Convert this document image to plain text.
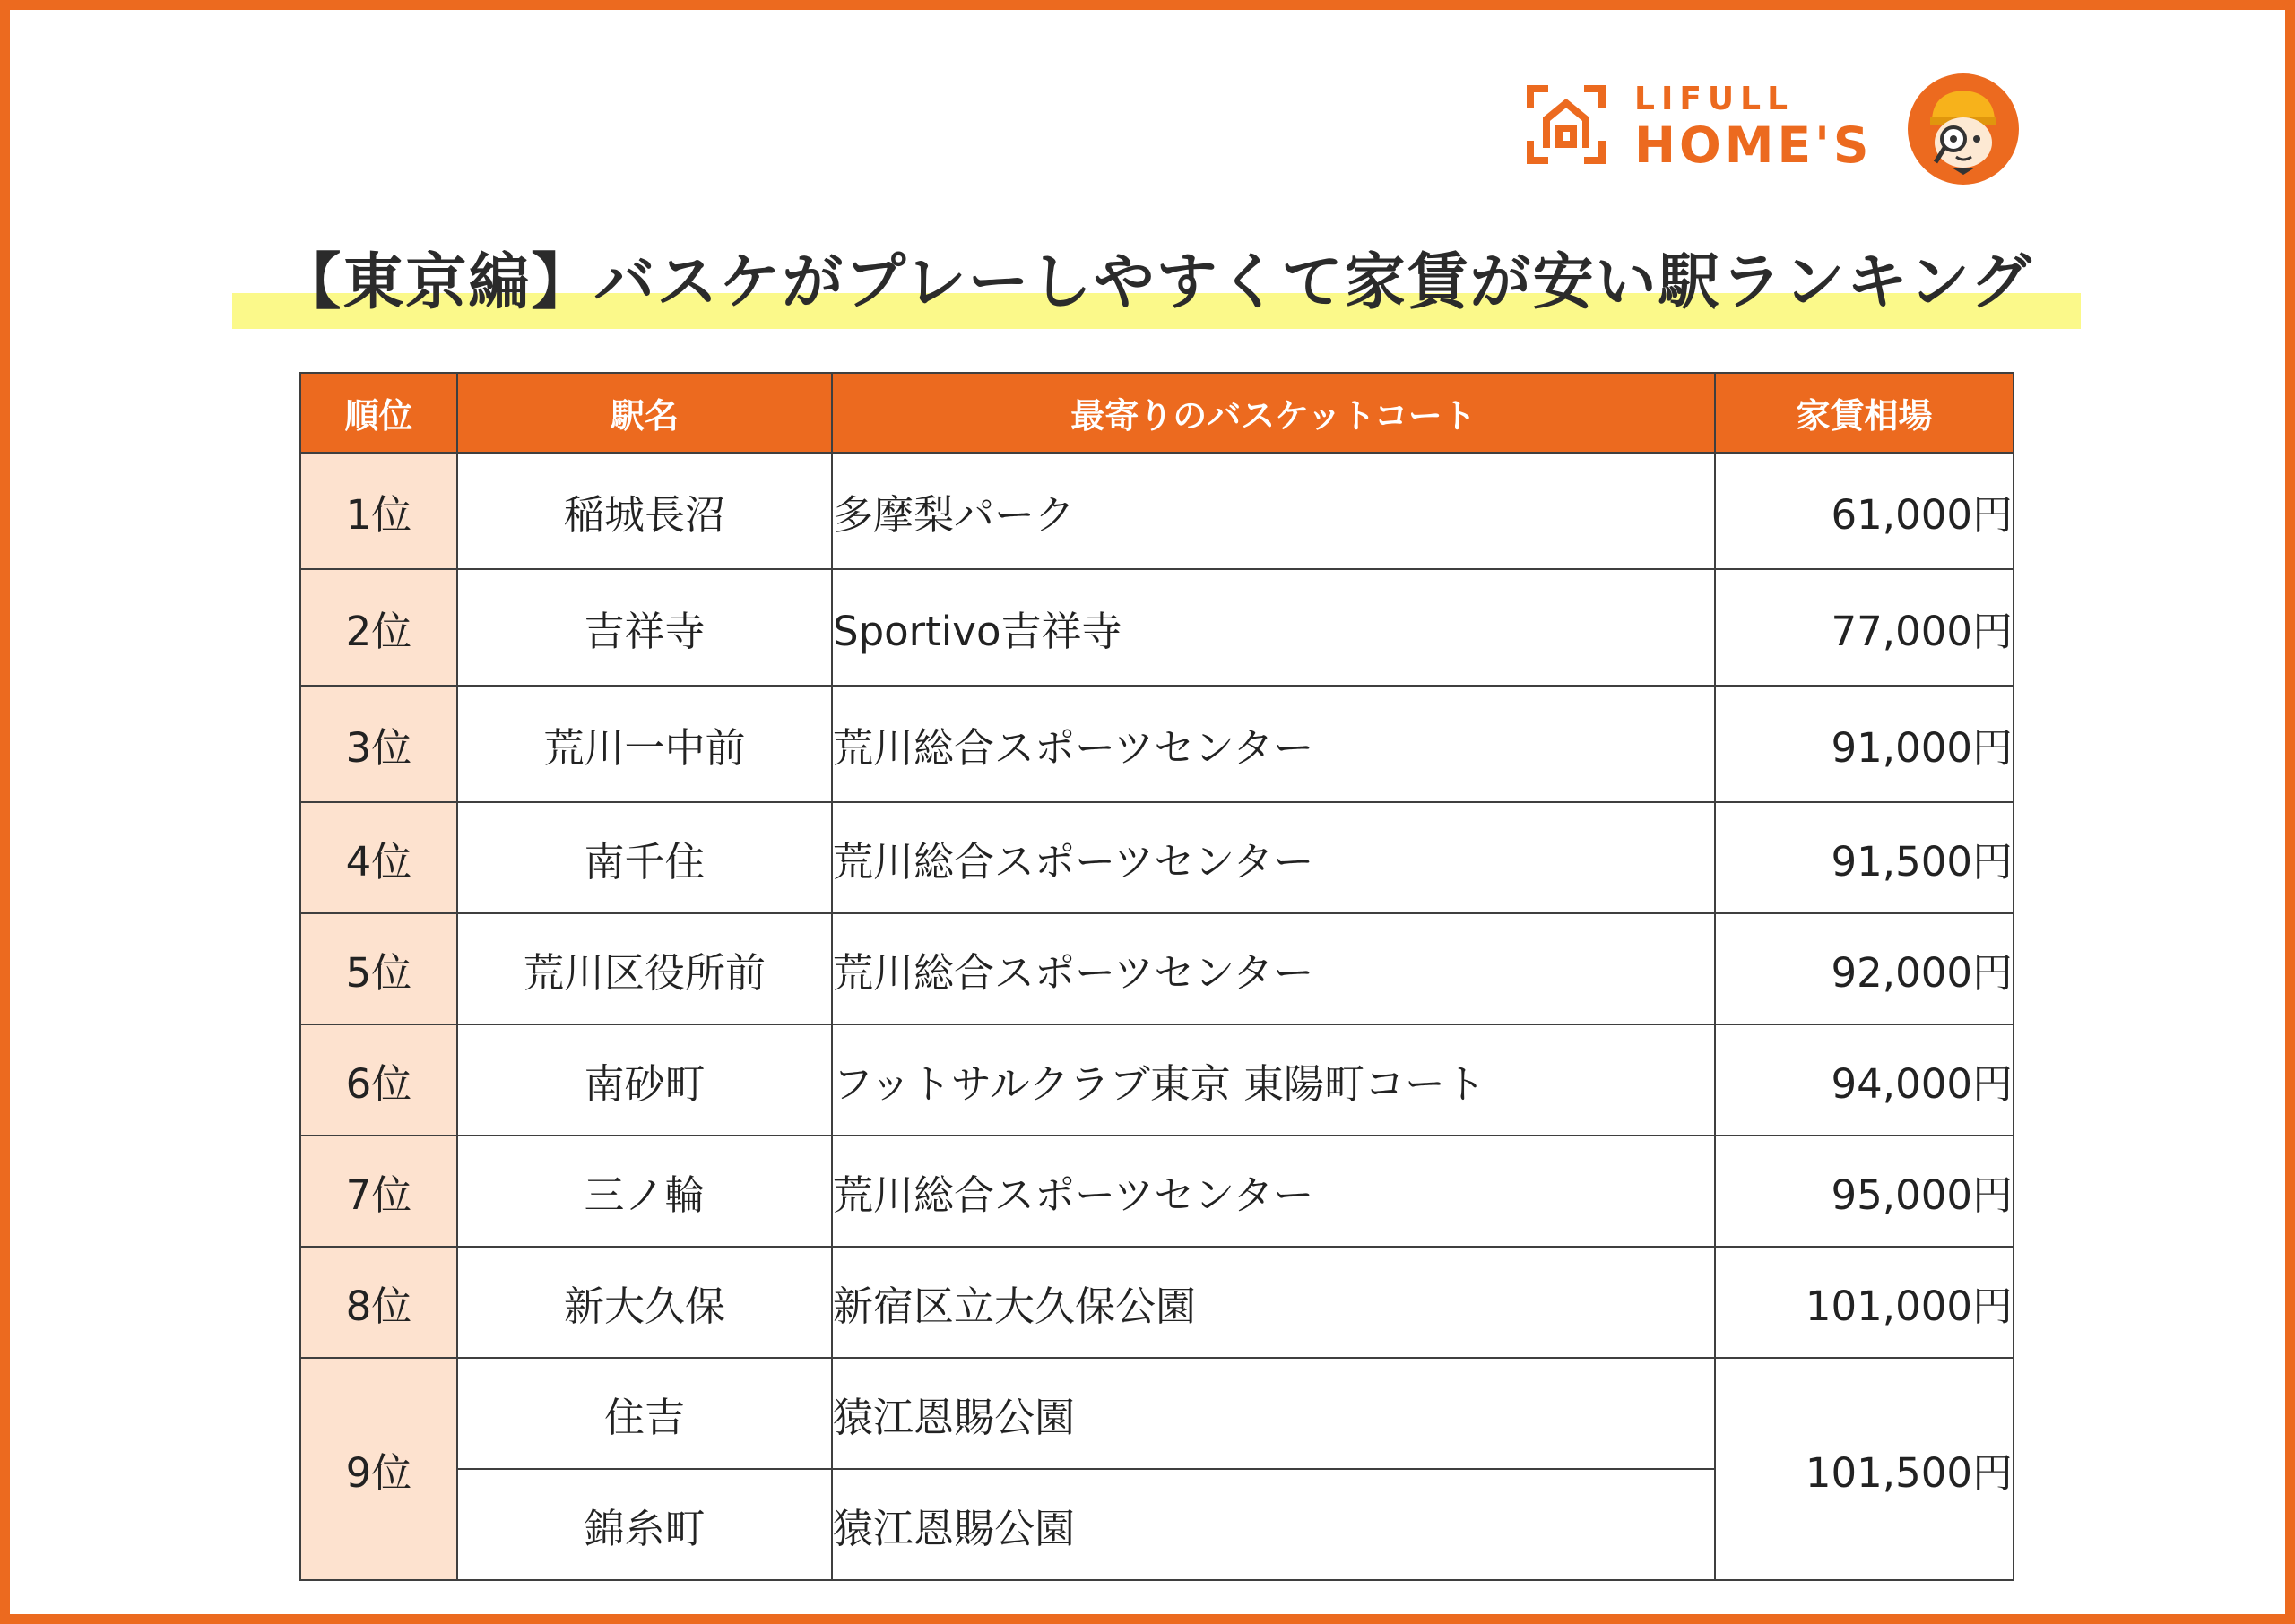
LIFULL
HOME'S
【東京編】バスケがプレーしやすくて家賃が安い駅ランキング
順位	駅名	最寄りのバスケットコート	家賃相場
1位	稲城長沼	多摩梨パーク	61,000円
2位	吉祥寺	Sportivo吉祥寺	77,000円
3位	荒川一中前	荒川総合スポーツセンター	91,000円
4位	南千住	荒川総合スポーツセンター	91,500円
5位	荒川区役所前	荒川総合スポーツセンター	92,000円
6位	南砂町	フットサルクラブ東京 東陽町コート	94,000円
7位	三ノ輪	荒川総合スポーツセンター	95,000円
8位	新大久保	新宿区立大久保公園	101,000円
9位	住吉	猿江恩賜公園	101,500円
	錦糸町	猿江恩賜公園	
